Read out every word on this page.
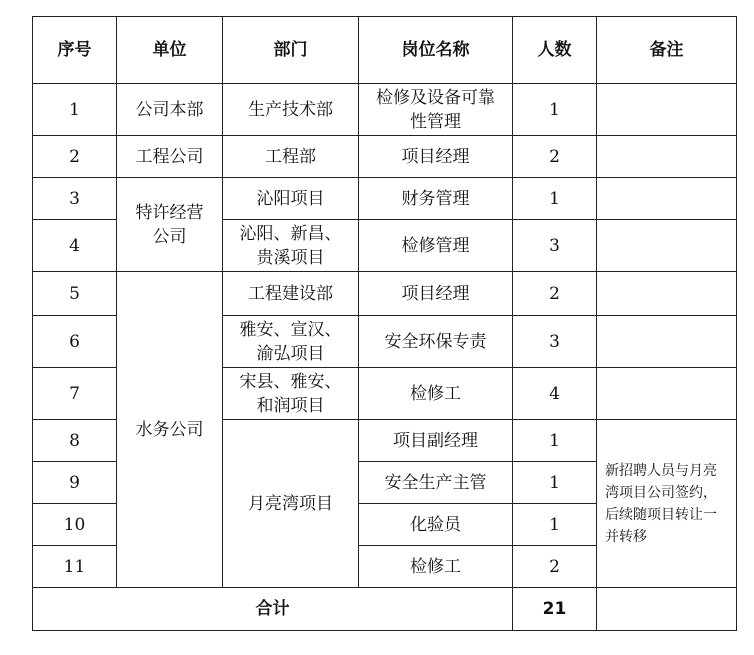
序号	单位	部门	岗位名称	人数	备注
1	公司本部	生产技术部	检修及设备可靠性管理	1	
2	工程公司	工程部	项目经理	2	
3	特许经营公司	沁阳项目	财务管理	1	
4		沁阳、新昌、贵溪项目	检修管理	3	
5	水务公司	工程建设部	项目经理	2	
6		雅安、宣汉、渝弘项目	安全环保专责	3	
7		宋县、雅安、和润项目	检修工	4	
8		月亮湾项目	项目副经理	1	新招聘人员与月亮湾项目公司签约，后续随项目转让一并转移
9			安全生产主管	1	
10			化验员	1	
11			检修工	2	
合计				21	
